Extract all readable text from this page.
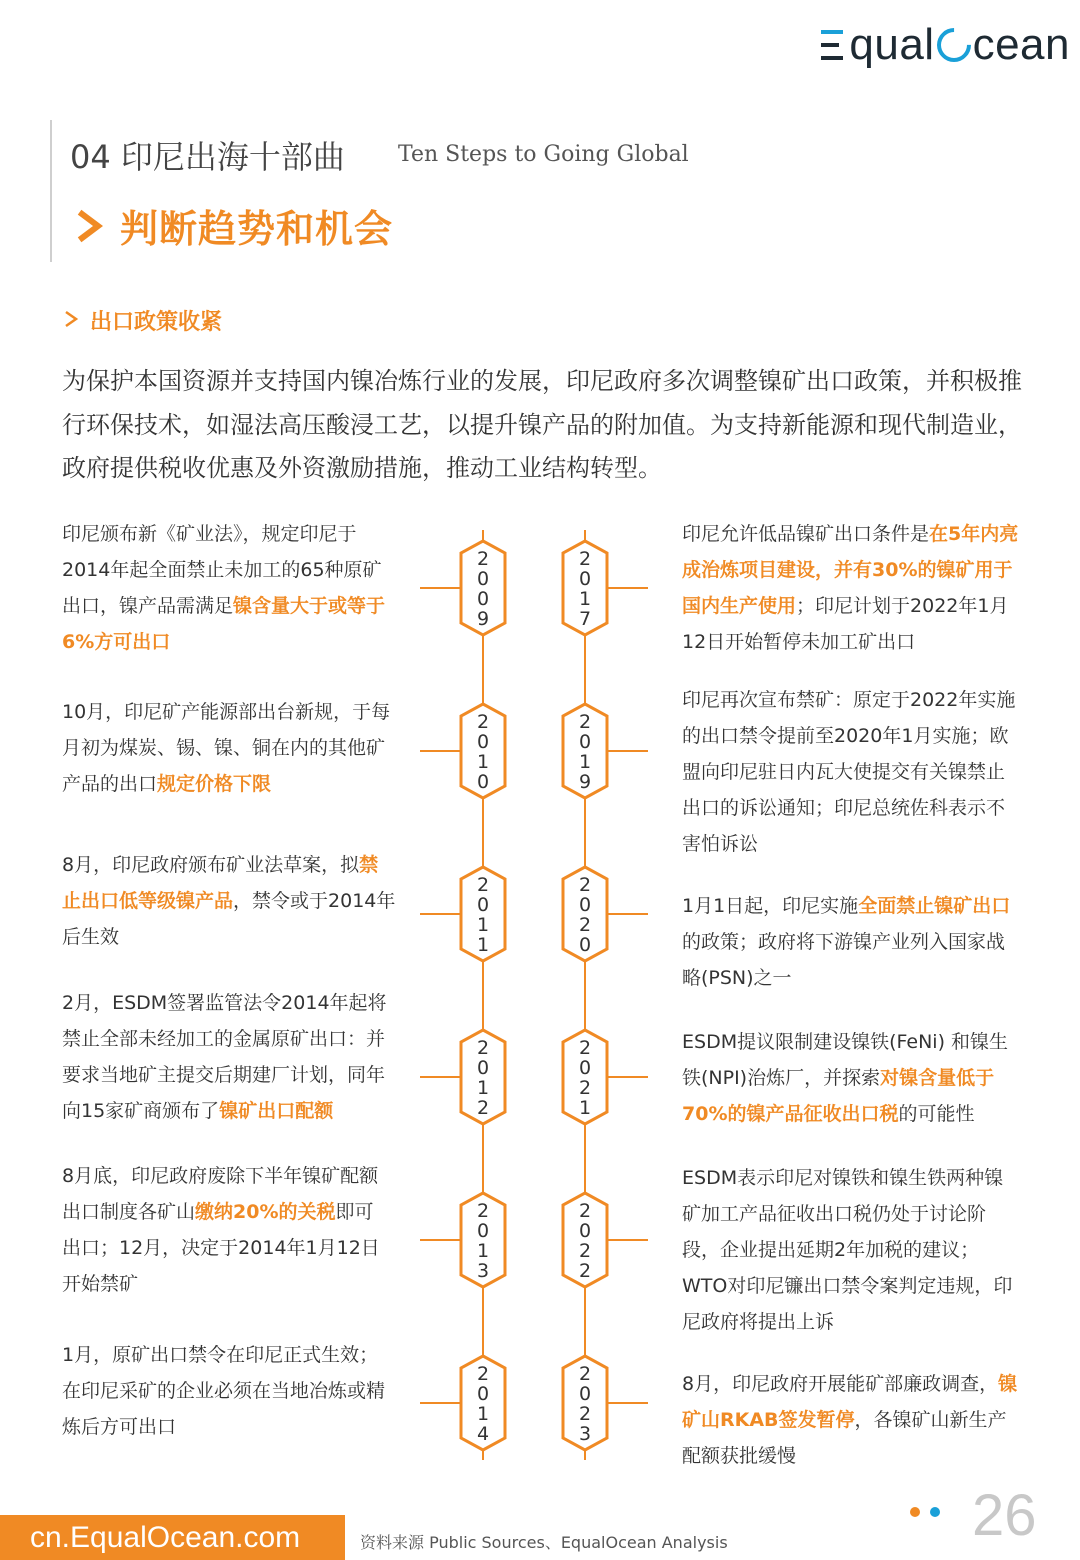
qual cean
04 印尼出海十部曲 Ten Steps to Going Global
判断趋势和机会
出口政策收紧
为保护本国资源并支持国内镍冶炼行业的发展，印尼政府多次调整镍矿出口政策，并积极推行环保技术，如湿法高压酸浸工艺，以提升镍产品的附加值。为支持新能源和现代制造业，政府提供税收优惠及外资激励措施，推动工业结构转型。
2
0
0
9
2
0
1
0
2
0
1
1
2
0
1
2
2
0
1
3
2
0
1
4
2
0
1
7
2
0
1
9
2
0
2
0
2
0
2
1
2
0
2
2
2
0
2
3
印尼颁布新《矿业法》，规定印尼于2014年起全面禁止未加工的65种原矿出口，镍产品需满足镍含量大于或等于6%方可出口
10月，印尼矿产能源部出台新规，于每月初为煤炭、锡、镍、铜在内的其他矿产品的出口规定价格下限
8月，印尼政府颁布矿业法草案，拟禁止出口低等级镍产品，禁令或于2014年后生效
2月，ESDM签署监管法令2014年起将禁止全部未经加工的金属原矿出口：并要求当地矿主提交后期建厂计划，同年向15家矿商颁布了镍矿出口配额
8月底，印尼政府废除下半年镍矿配额出口制度各矿山缴纳20%的关税即可出口；12月，决定于2014年1月12日开始禁矿
1月，原矿出口禁令在印尼正式生效；在印尼采矿的企业必须在当地冶炼或精炼后方可出口
印尼允许低品镍矿出口条件是在5年内亮成治炼项目建设，并有30%的镍矿用于国内生产使用；印尼计划于2022年1月12日开始暂停未加工矿出口
印尼再次宣布禁矿：原定于2022年实施的出口禁令提前至2020年1月实施；欧盟向印尼驻日内瓦大使提交有关镍禁止出口的诉讼通知；印尼总统佐科表示不害怕诉讼
1月1日起，印尼实施全面禁止镍矿出口的政策；政府将下游镍产业列入国家战略(PSN)之一
ESDM提议限制建设镍铁(FeNi) 和镍生铁(NPI)治炼厂，并探索对镍含量低于70%的镍产品征收出口税的可能性
ESDM表示印尼对镍铁和镍生铁两种镍矿加工产品征收出口税仍处于讨论阶段，企业提出延期2年加税的建议；WTO对印尼镰出口禁令案判定违规，印尼政府将提出上诉
8月，印尼政府开展能矿部廉政调查，镍矿山RKAB签发暂停，各镍矿山新生产配额获批缓慢
cn.EqualOcean.com	资料来源 Public Sources、EqualOcean Analysis	26
